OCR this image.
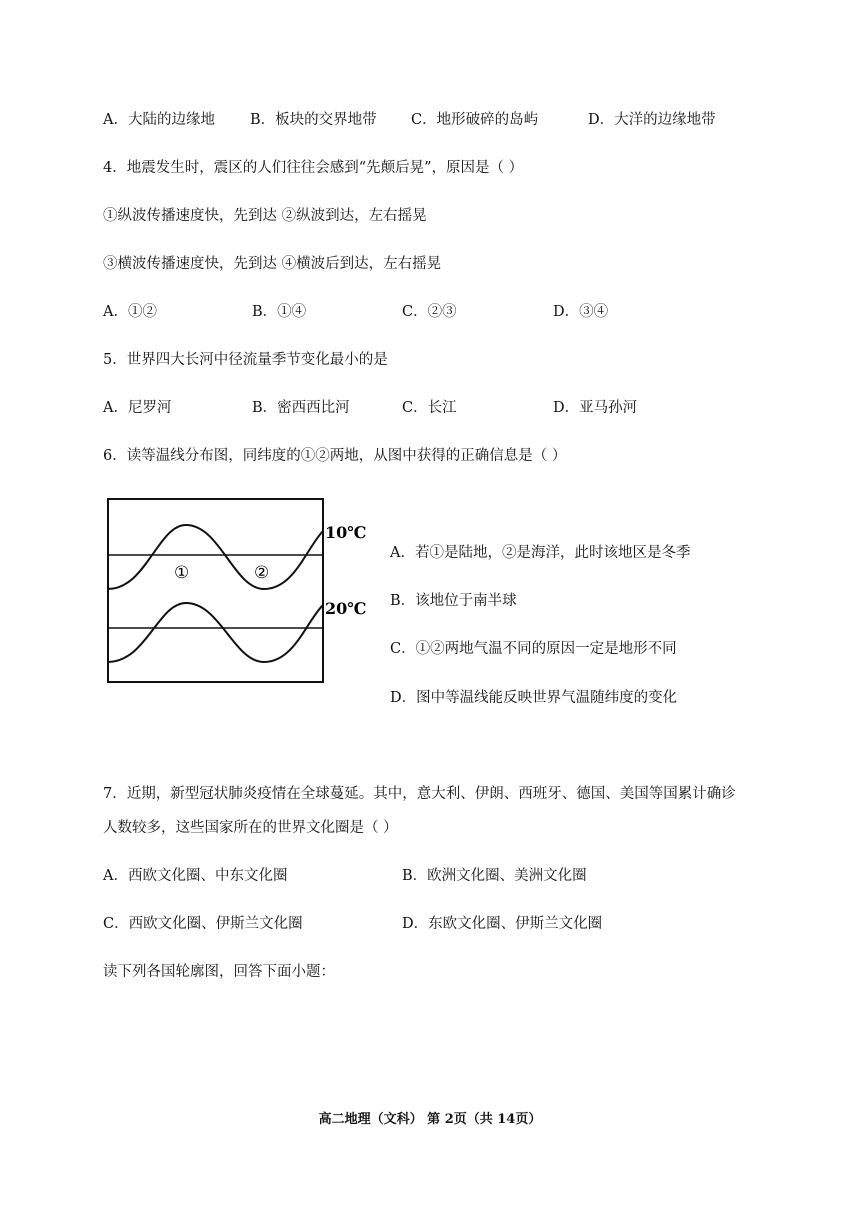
A．大陆的边缘地 B．板块的交界地带 C．地形破碎的岛屿	D．大洋的边缘地带
4．地震发生时，震区的人们往往会感到“先颠后晃”，原因是（ ）
①纵波传播速度快，先到达 ②纵波到达，左右摇晃
③横波传播速度快，先到达 ④横波后到达，左右摇晃
A．①②	B．①④	C．②③	D．③④
5．世界四大长河中径流量季节变化最小的是
A．尼罗河	B．密西西比河	C．长江	D．亚马孙河
6．读等温线分布图，同纬度的①②两地，从图中获得的正确信息是（ ）
①	②
10℃
20℃
A．若①是陆地，②是海洋，此时该地区是冬季
B．该地位于南半球
C．①②两地气温不同的原因一定是地形不同
D．图中等温线能反映世界气温随纬度的变化
7．近期，新型冠状肺炎疫情在全球蔓延。其中，意大利、伊朗、西班牙、德国、美国等国累计确诊
人数较多，这些国家所在的世界文化圈是（ ）
A．西欧文化圈、中东文化圈	B．欧洲文化圈、美洲文化圈
C．西欧文化圈、伊斯兰文化圈	D．东欧文化圈、伊斯兰文化圈
读下列各国轮廓图，回答下面小题：
高二地理（文科） 第 2页（共 14页）
